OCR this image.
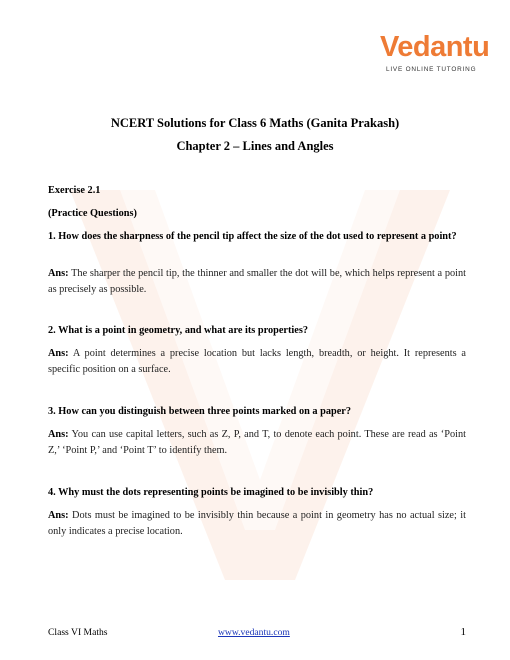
Vedantu
LIVE ONLINE TUTORING
NCERT Solutions for Class 6 Maths (Ganita Prakash)
Chapter 2 – Lines and Angles
Exercise 2.1
(Practice Questions)
1. How does the sharpness of the pencil tip affect the size of the dot used to represent a point?
Ans: The sharper the pencil tip, the thinner and smaller the dot will be, which helps represent a point as precisely as possible.
2. What is a point in geometry, and what are its properties?
Ans: A point determines a precise location but lacks length, breadth, or height. It represents a specific position on a surface.
3. How can you distinguish between three points marked on a paper?
Ans: You can use capital letters, such as Z, P, and T, to denote each point. These are read as ‘Point Z,’ ‘Point P,’ and ‘Point T’ to identify them.
4. Why must the dots representing points be imagined to be invisibly thin?
Ans: Dots must be imagined to be invisibly thin because a point in geometry has no actual size; it only indicates a precise location.
Class VI Maths	www.vedantu.com	1
